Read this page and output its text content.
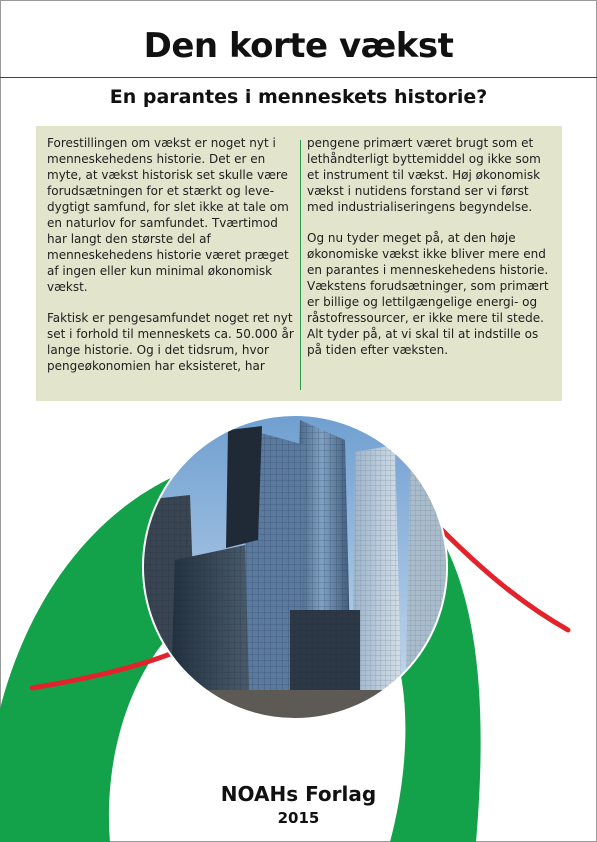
Den korte vækst
En parantes i menneskets historie?

Forestillingen om vækst er noget nyt i menneskehedens historie. Det er en myte, at vækst historisk set skulle være forudsætningen for et stærkt og levedygtigt samfund, for slet ikke at tale om en naturlov for samfundet. Tværtimod har langt den største del af menneskehedens historie været præget af ingen eller kun minimal økonomisk vækst.

Faktisk er pengesamfundet noget ret nyt set i forhold til menneskets ca. 50.000 år lange historie. Og i det tidsrum, hvor pengeøkonomien har eksisteret, har

pengene primært været brugt som et lethåndterligt byttemiddel og ikke som et instrument til vækst. Høj økonomisk vækst i nutidens forstand ser vi først med industrialiseringens begyndelse.

Og nu tyder meget på, at den høje økonomiske vækst ikke bliver mere end en parantes i menneskehedens historie. Vækstens forudsætninger, som primært er billige og lettilgængelige energi- og råstofressourcer, er ikke mere til stede. Alt tyder på, at vi skal til at indstille os på tiden efter væksten.

NOAHs Forlag
2015
